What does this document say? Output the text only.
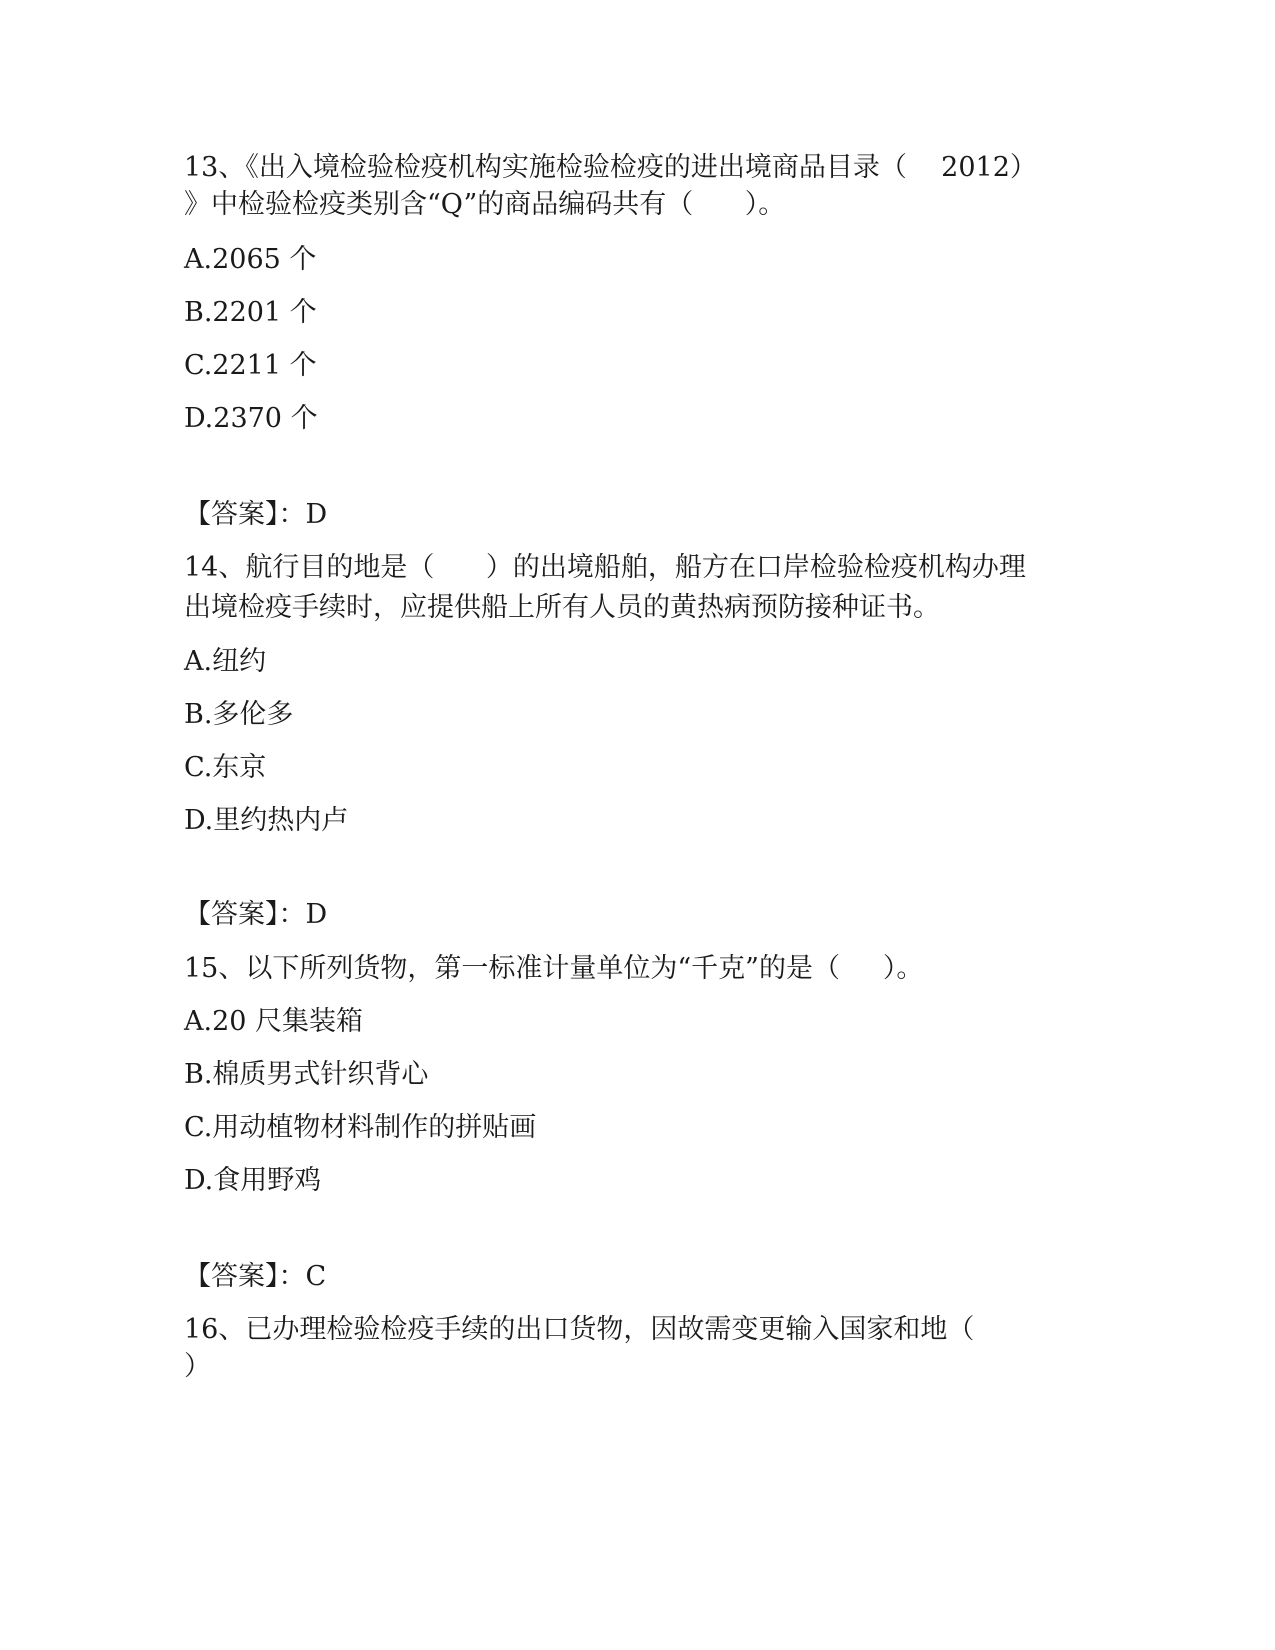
13、《出入境检验检疫机构实施检验检疫的进出境商品目录（    2012）
》中检验检疫类别含“Q”的商品编码共有（      ）。
A.2065 个
B.2201 个
C.2211 个
D.2370 个
【答案】：D
14、航行目的地是（      ）的出境船舶，船方在口岸检验检疫机构办理
出境检疫手续时，应提供船上所有人员的黄热病预防接种证书。
A.纽约
B.多伦多
C.东京
D.里约热内卢
【答案】：D
15、以下所列货物，第一标准计量单位为“千克”的是（     ）。
A.20 尺集装箱
B.棉质男式针织背心
C.用动植物材料制作的拼贴画
D.食用野鸡
【答案】：C
16、已办理检验检疫手续的出口货物，因故需变更输入国家和地（
）
